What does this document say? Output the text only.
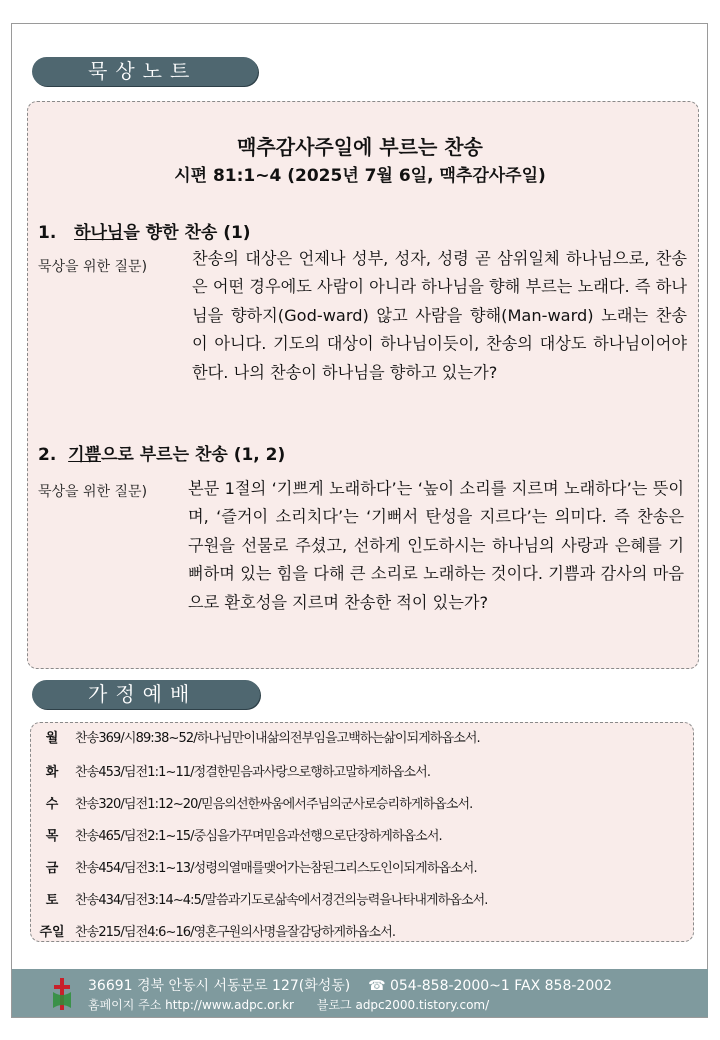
묵상노트
맥추감사주일에 부르는 찬송
시편 81:1~4 (2025년 7월 6일, 맥추감사주일)
1. 하나님을 향한 찬송 (1)
묵상을 위한 질문)	찬송의 대상은 언제나 성부, 성자, 성령 곧 삼위일체 하나님으로, 찬송은 어떤 경우에도 사람이 아니라 하나님을 향해 부르는 노래다. 즉 하나님을 향하지(God-ward) 않고 사람을 향해(Man-ward) 노래는 찬송이 아니다. 기도의 대상이 하나님이듯이, 찬송의 대상도 하나님이어야 한다. 나의 찬송이 하나님을 향하고 있는가?
2. 기쁨으로 부르는 찬송 (1, 2)
묵상을 위한 질문)	본문 1절의 ‘기쁘게 노래하다’는 ‘높이 소리를 지르며 노래하다’는 뜻이며, ‘즐거이 소리치다’는 ‘기뻐서 탄성을 지르다’는 의미다. 즉 찬송은 구원을 선물로 주셨고, 선하게 인도하시는 하나님의 사랑과 은혜를 기뻐하며 있는 힘을 다해 큰 소리로 노래하는 것이다. 기쁨과 감사의 마음으로 환호성을 지르며 찬송한 적이 있는가?
가정예배
월	찬송369/시89:38~52/하나님만이내삶의전부임을고백하는삶이되게하옵소서.
화	찬송453/딤전1:1~11/정결한믿음과사랑으로행하고말하게하옵소서.
수	찬송320/딤전1:12~20/믿음의선한싸움에서주님의군사로승리하게하옵소서.
목	찬송465/딤전2:1~15/중심을가꾸며믿음과선행으로단장하게하옵소서.
금	찬송454/딤전3:1~13/성령의열매를맺어가는참된그리스도인이되게하옵소서.
토	찬송434/딤전3:14~4:5/말씀과기도로삶속에서경건의능력을나타내게하옵소서.
주일 찬송215/딤전4:6~16/영혼구원의사명을잘감당하게하옵소서.
36691 경북 안동시 서동문로 127(화성동) ☎ 054-858-2000~1 FAX 858-2002
홈페이지 주소 http://www.adpc.or.kr 블로그 adpc2000.tistory.com/
